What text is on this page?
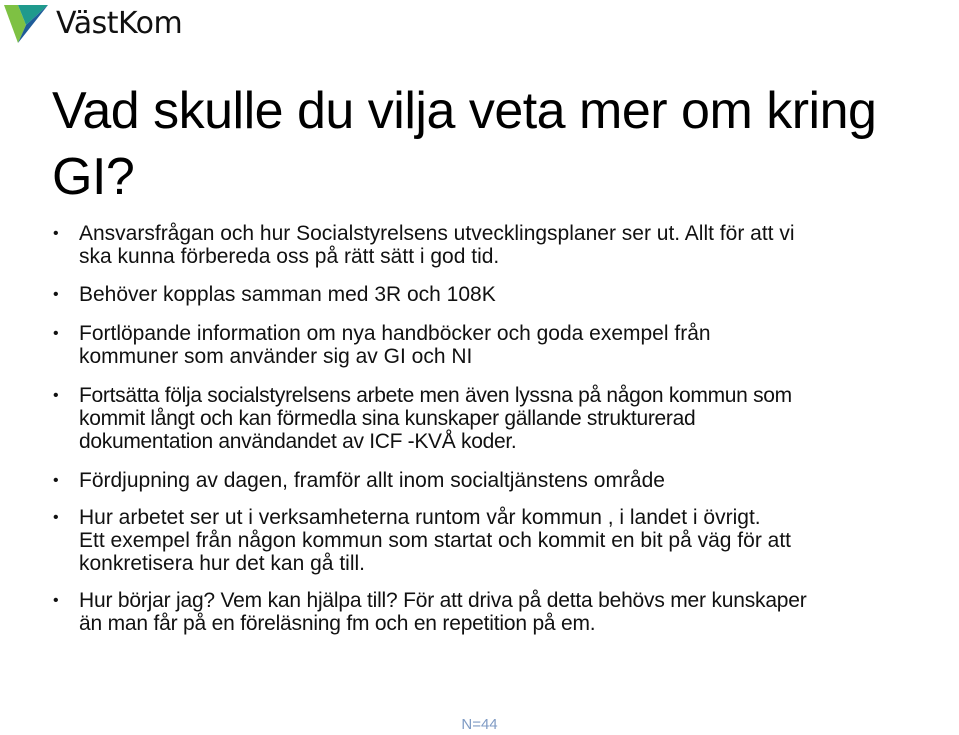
VästKom
Vad skulle du vilja veta mer om kring GI?
• Ansvarsfrågan och hur Socialstyrelsens utvecklingsplaner ser ut. Allt för att vi
ska kunna förbereda oss på rätt sätt i god tid.
• Behöver kopplas samman med 3R och 108K
• Fortlöpande information om nya handböcker och goda exempel från
kommuner som använder sig av GI och NI
• Fortsätta följa socialstyrelsens arbete men även lyssna på någon kommun som
kommit långt och kan förmedla sina kunskaper gällande strukturerad
dokumentation användandet av ICF -KVÅ koder.
• Fördjupning av dagen, framför allt inom socialtjänstens område
• Hur arbetet ser ut i verksamheterna runtom vår kommun , i landet i övrigt.
Ett exempel från någon kommun som startat och kommit en bit på väg för att
konkretisera hur det kan gå till.
• Hur börjar jag? Vem kan hjälpa till? För att driva på detta behövs mer kunskaper
än man får på en föreläsning fm och en repetition på em.
N=44
